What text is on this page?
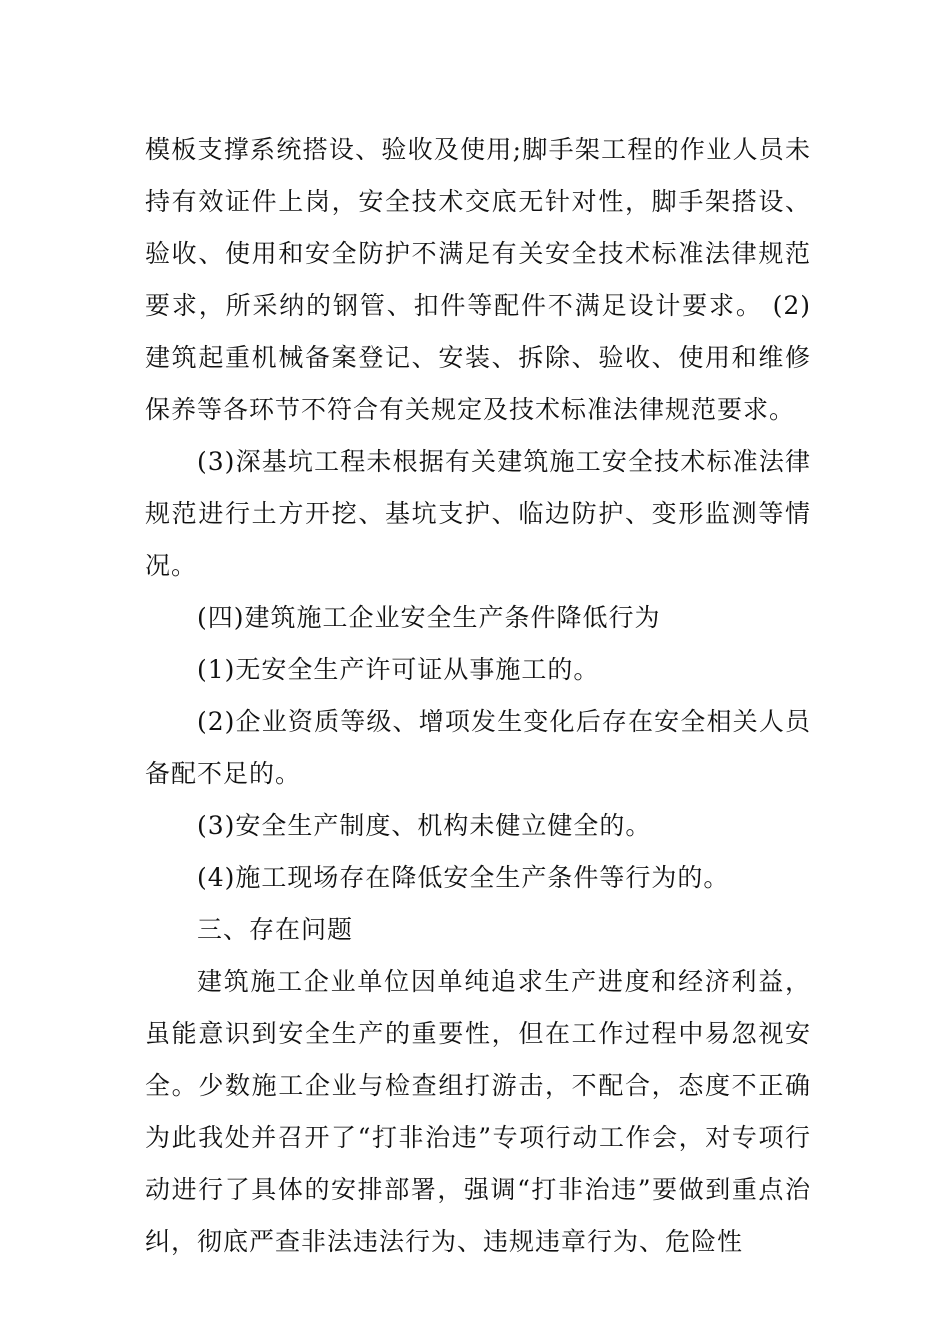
模板支撑系统搭设、验收及使用;脚手架工程的作业人员未持有效证件上岗，安全技术交底无针对性，脚手架搭设、验收、使用和安全防护不满足有关安全技术标准法律规范要求，所采纳的钢管、扣件等配件不满足设计要求。 (2) 建筑起重机械备案登记、安装、拆除、验收、使用和维修保养等各环节不符合有关规定及技术标准法律规范要求。

(3)深基坑工程未根据有关建筑施工安全技术标准法律规范进行土方开挖、基坑支护、临边防护、变形监测等情况。

(四)建筑施工企业安全生产条件降低行为

(1)无安全生产许可证从事施工的。

(2)企业资质等级、增项发生变化后存在安全相关人员备配不足的。

(3)安全生产制度、机构未健立健全的。

(4)施工现场存在降低安全生产条件等行为的。

三、存在问题

建筑施工企业单位因单纯追求生产进度和经济利益，虽能意识到安全生产的重要性，但在工作过程中易忽视安全。少数施工企业与检查组打游击，不配合，态度不正确为此我处并召开了“打非治违”专项行动工作会，对专项行动进行了具体的安排部署，强调“打非治违”要做到重点治纠，彻底严查非法违法行为、违规违章行为、危险性
